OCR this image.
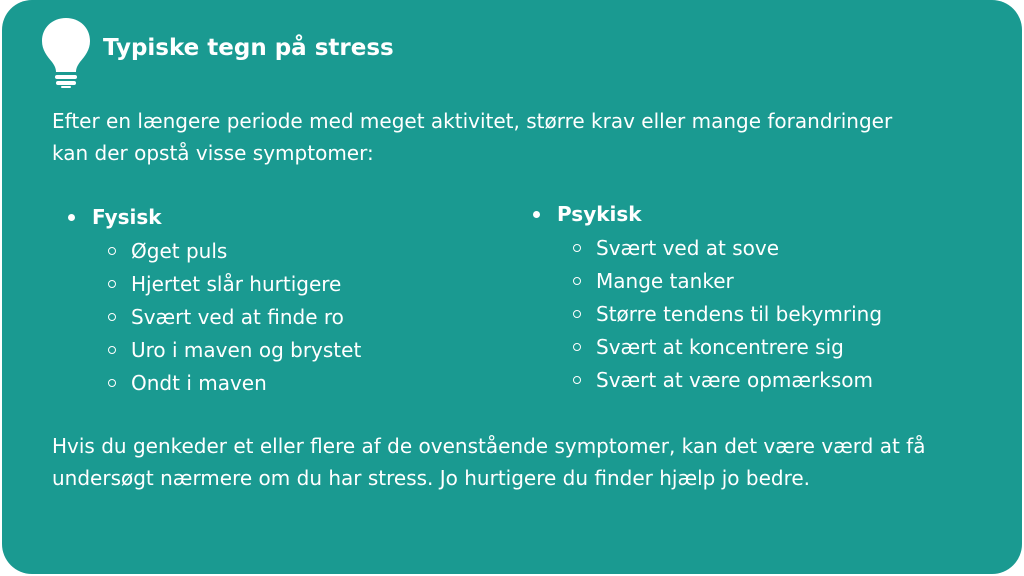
Typiske tegn på stress

Efter en længere periode med meget aktivitet, større krav eller mange forandringer kan der opstå visse symptomer:

Fysisk
Øget puls
Hjertet slår hurtigere
Svært ved at finde ro
Uro i maven og brystet
Ondt i maven
Psykisk
Svært ved at sove
Mange tanker
Større tendens til bekymring
Svært at koncentrere sig
Svært at være opmærksom

Hvis du genkeder et eller flere af de ovenstående symptomer, kan det være værd at få undersøgt nærmere om du har stress. Jo hurtigere du finder hjælp jo bedre.
